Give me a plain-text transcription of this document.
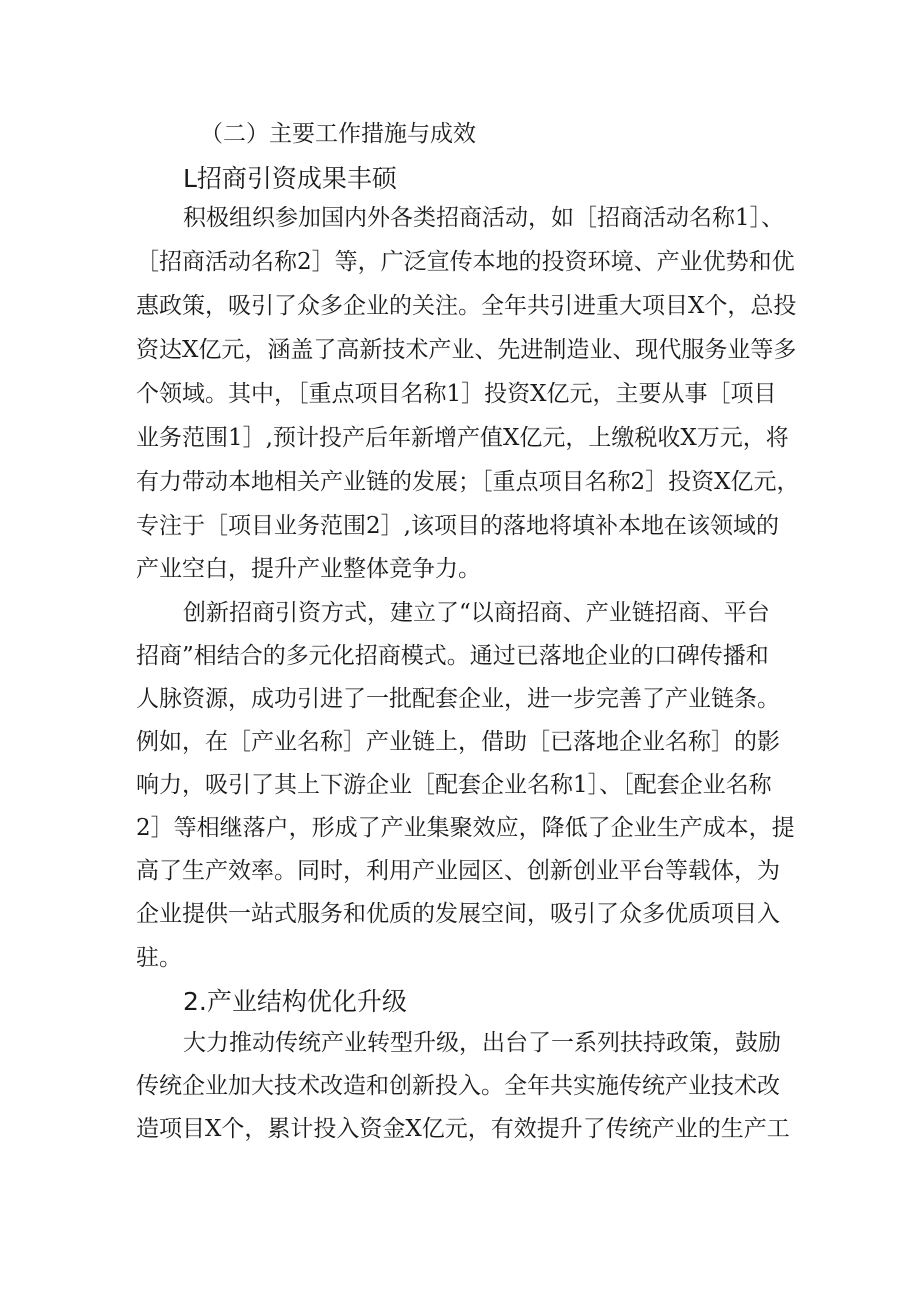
（二）主要工作措施与成效
L招商引资成果丰硕
积极组织参加国内外各类招商活动，如［招商活动名称1］、
［招商活动名称2］等，广泛宣传本地的投资环境、产业优势和优
惠政策，吸引了众多企业的关注。全年共引进重大项目X个，总投
资达X亿元，涵盖了高新技术产业、先进制造业、现代服务业等多
个领域。其中，［重点项目名称1］投资X亿元，主要从事［项目
业务范围1］,预计投产后年新增产值X亿元，上缴税收X万元，将
有力带动本地相关产业链的发展；［重点项目名称2］投资X亿元，
专注于［项目业务范围2］,该项目的落地将填补本地在该领域的
产业空白，提升产业整体竞争力。
创新招商引资方式，建立了“以商招商、产业链招商、平台
招商”相结合的多元化招商模式。通过已落地企业的口碑传播和
人脉资源，成功引进了一批配套企业，进一步完善了产业链条。
例如，在［产业名称］产业链上，借助［已落地企业名称］的影
响力，吸引了其上下游企业［配套企业名称1］、［配套企业名称
2］等相继落户，形成了产业集聚效应，降低了企业生产成本，提
高了生产效率。同时，利用产业园区、创新创业平台等载体，为
企业提供一站式服务和优质的发展空间，吸引了众多优质项目入
驻。
2.产业结构优化升级
大力推动传统产业转型升级，出台了一系列扶持政策，鼓励
传统企业加大技术改造和创新投入。全年共实施传统产业技术改
造项目X个，累计投入资金X亿元，有效提升了传统产业的生产工
